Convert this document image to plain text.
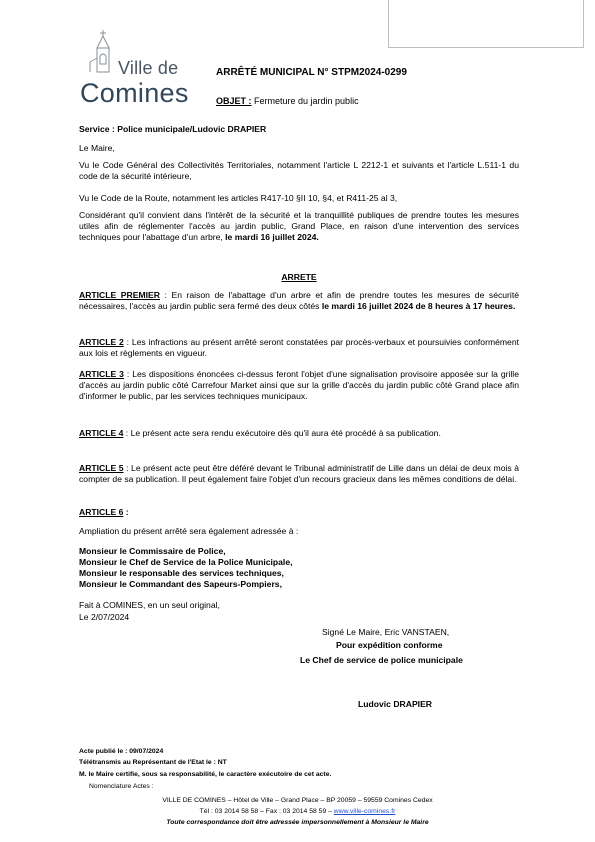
Ville de
Comines
ARRÊTÉ MUNICIPAL N° STPM2024-0299
OBJET : Fermeture du jardin public
Service : Police municipale/Ludovic DRAPIER
Le Maire,
Vu le Code Général des Collectivités Territoriales, notamment l'article L 2212-1 et suivants et l'article L.511-1 du code de la sécurité intérieure,
Vu le Code de la Route, notamment les articles R417-10 §II 10, §4, et R411-25 al 3,
Considérant qu'il convient dans l'intérêt de la sécurité et la tranquillité publiques de prendre toutes les mesures utiles afin de réglementer l'accès au jardin public, Grand Place, en raison d'une intervention des services techniques pour l'abattage d'un arbre, le mardi 16 juillet 2024.
ARRETE
ARTICLE PREMIER : En raison de l'abattage d'un arbre et afin de prendre toutes les mesures de sécurité nécessaires, l'accès au jardin public sera fermé des deux côtés le mardi 16 juillet 2024 de 8 heures à 17 heures.
ARTICLE 2 : Les infractions au présent arrêté seront constatées par procès-verbaux et poursuivies conformément aux lois et règlements en vigueur.
ARTICLE 3 : Les dispositions énoncées ci-dessus feront l'objet d'une signalisation provisoire apposée sur la grille d'accès au jardin public côté Carrefour Market ainsi que sur la grille d'accès du jardin public côté Grand place afin d'informer le public, par les services techniques municipaux.
ARTICLE 4 : Le présent acte sera rendu exécutoire dès qu'il aura été procédé à sa publication.
ARTICLE 5 : Le présent acte peut être déféré devant le Tribunal administratif de Lille dans un délai de deux mois à compter de sa publication. Il peut également faire l'objet d'un recours gracieux dans les mêmes conditions de délai.
ARTICLE 6 :
Ampliation du présent arrêté sera également adressée à :
Monsieur le Commissaire de Police,
Monsieur le Chef de Service de la Police Municipale,
Monsieur le responsable des services techniques,
Monsieur le Commandant des Sapeurs-Pompiers,
Fait à COMINES, en un seul original,
Le 2/07/2024
Signé Le Maire, Eric VANSTAEN,
Pour expédition conforme
Le Chef de service de police municipale
Ludovic DRAPIER
Acte publié le : 09/07/2024
Télétransmis au Représentant de l'Etat le : NT
M. le Maire certifie, sous sa responsabilité, le caractère exécutoire de cet acte.
Nomenclature Actes :
VILLE DE COMINES – Hôtel de Ville – Grand Place – BP 20059 – 59559 Comines Cedex
Tél : 03 2014 58 58 – Fax : 03 2014 58 59 – www.ville-comines.fr
Toute correspondance doit être adressée impersonnellement à Monsieur le Maire
